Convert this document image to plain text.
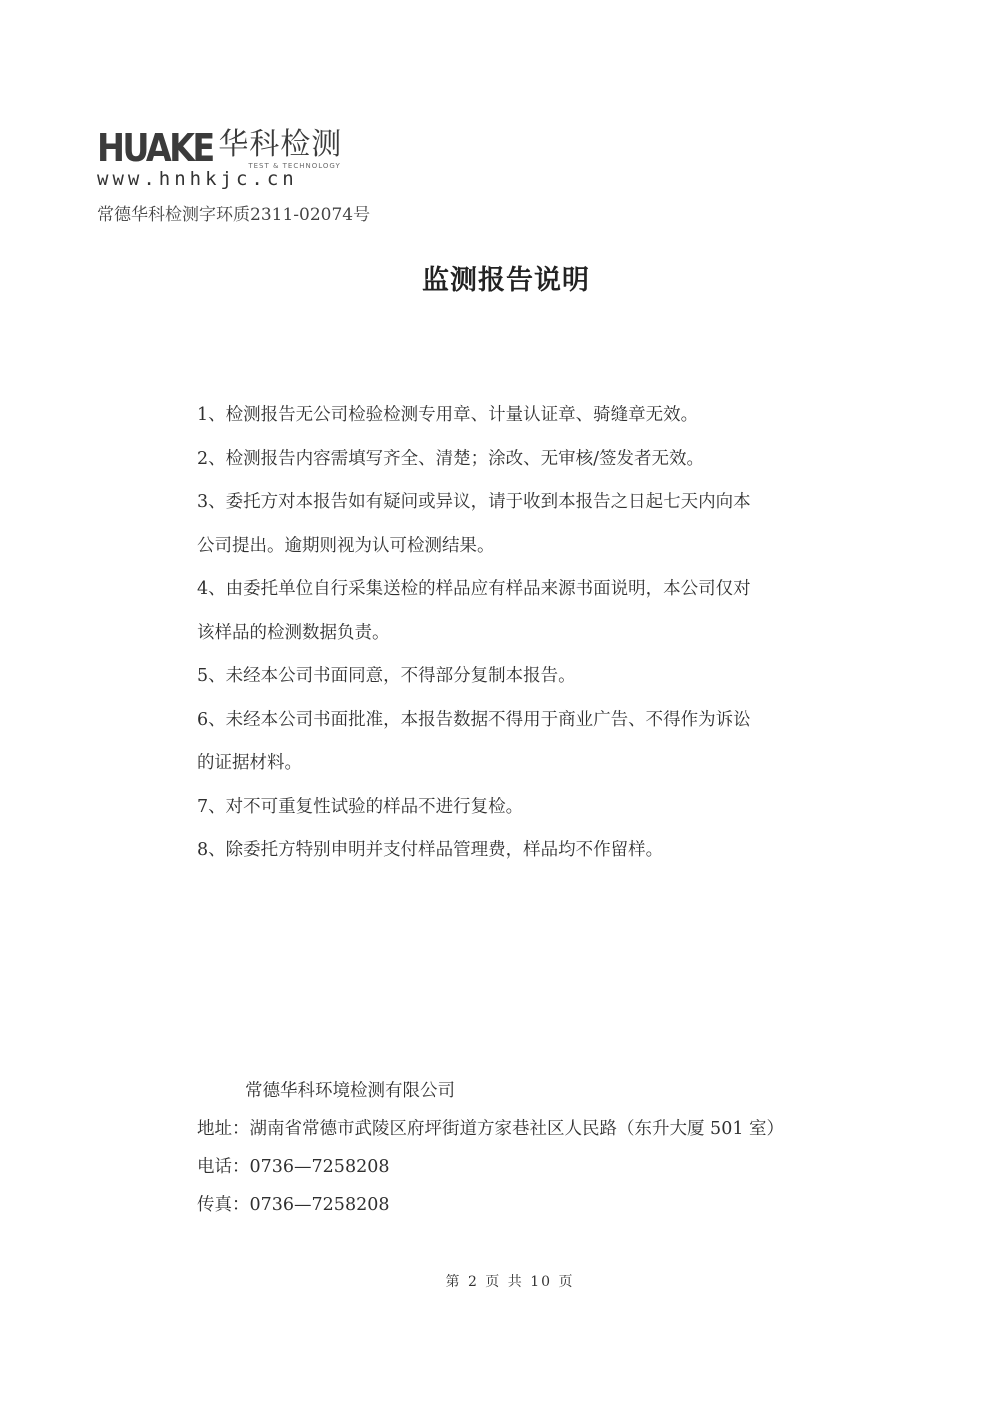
HUAKE 华科检测
TEST & TECHNOLOGY
www.hnhkjc.cn
常德华科检测字环质2311-02074号
监测报告说明
1、检测报告无公司检验检测专用章、计量认证章、骑缝章无效。
2、检测报告内容需填写齐全、清楚；涂改、无审核/签发者无效。
3、委托方对本报告如有疑问或异议，请于收到本报告之日起七天内向本
公司提出。逾期则视为认可检测结果。
4、由委托单位自行采集送检的样品应有样品来源书面说明，本公司仅对
该样品的检测数据负责。
5、未经本公司书面同意，不得部分复制本报告。
6、未经本公司书面批准，本报告数据不得用于商业广告、不得作为诉讼
的证据材料。
7、对不可重复性试验的样品不进行复检。
8、除委托方特别申明并支付样品管理费，样品均不作留样。
常德华科环境检测有限公司
地址：湖南省常德市武陵区府坪街道方家巷社区人民路（东升大厦 501 室）
电话：0736—7258208
传真：0736—7258208
第 2 页 共 10 页
